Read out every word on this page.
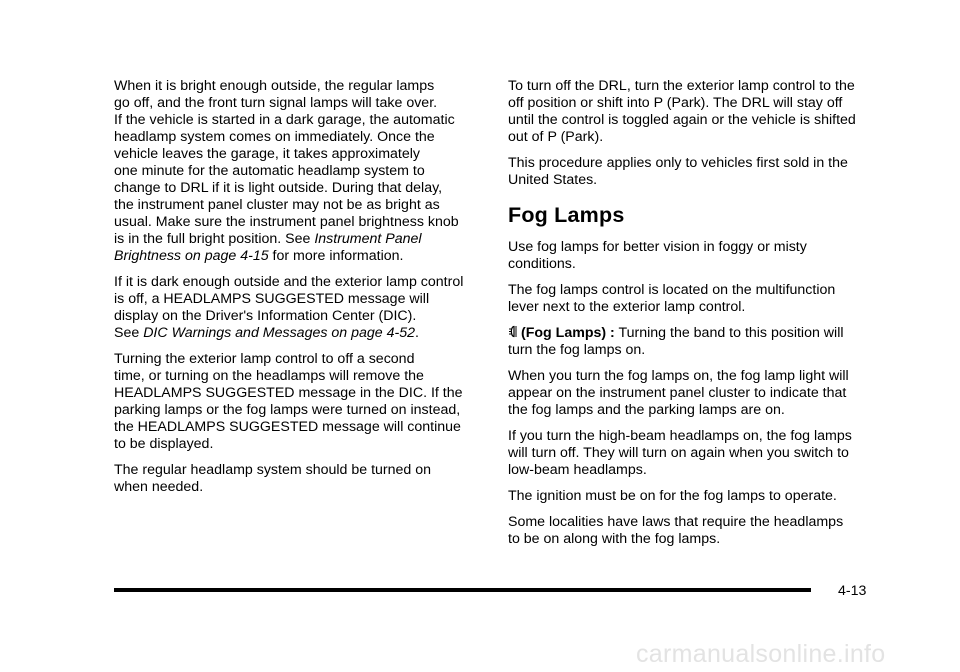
When it is bright enough outside, the regular lamps
go off, and the front turn signal lamps will take over.
If the vehicle is started in a dark garage, the automatic
headlamp system comes on immediately. Once the
vehicle leaves the garage, it takes approximately
one minute for the automatic headlamp system to
change to DRL if it is light outside. During that delay,
the instrument panel cluster may not be as bright as
usual. Make sure the instrument panel brightness knob
is in the full bright position. See Instrument Panel
Brightness on page 4-15 for more information.

If it is dark enough outside and the exterior lamp control
is off, a HEADLAMPS SUGGESTED message will
display on the Driver's Information Center (DIC).
See DIC Warnings and Messages on page 4-52.

Turning the exterior lamp control to off a second
time, or turning on the headlamps will remove the
HEADLAMPS SUGGESTED message in the DIC. If the
parking lamps or the fog lamps were turned on instead,
the HEADLAMPS SUGGESTED message will continue
to be displayed.

The regular headlamp system should be turned on
when needed.

To turn off the DRL, turn the exterior lamp control to the
off position or shift into P (Park). The DRL will stay off
until the control is toggled again or the vehicle is shifted
out of P (Park).

This procedure applies only to vehicles first sold in the
United States.

Fog Lamps

Use fog lamps for better vision in foggy or misty
conditions.

The fog lamps control is located on the multifunction
lever next to the exterior lamp control.

(Fog Lamps) : Turning the band to this position will
turn the fog lamps on.

When you turn the fog lamps on, the fog lamp light will
appear on the instrument panel cluster to indicate that
the fog lamps and the parking lamps are on.

If you turn the high-beam headlamps on, the fog lamps
will turn off. They will turn on again when you switch to
low-beam headlamps.

The ignition must be on for the fog lamps to operate.

Some localities have laws that require the headlamps
to be on along with the fog lamps.

4-13
carmanualsonline.info
